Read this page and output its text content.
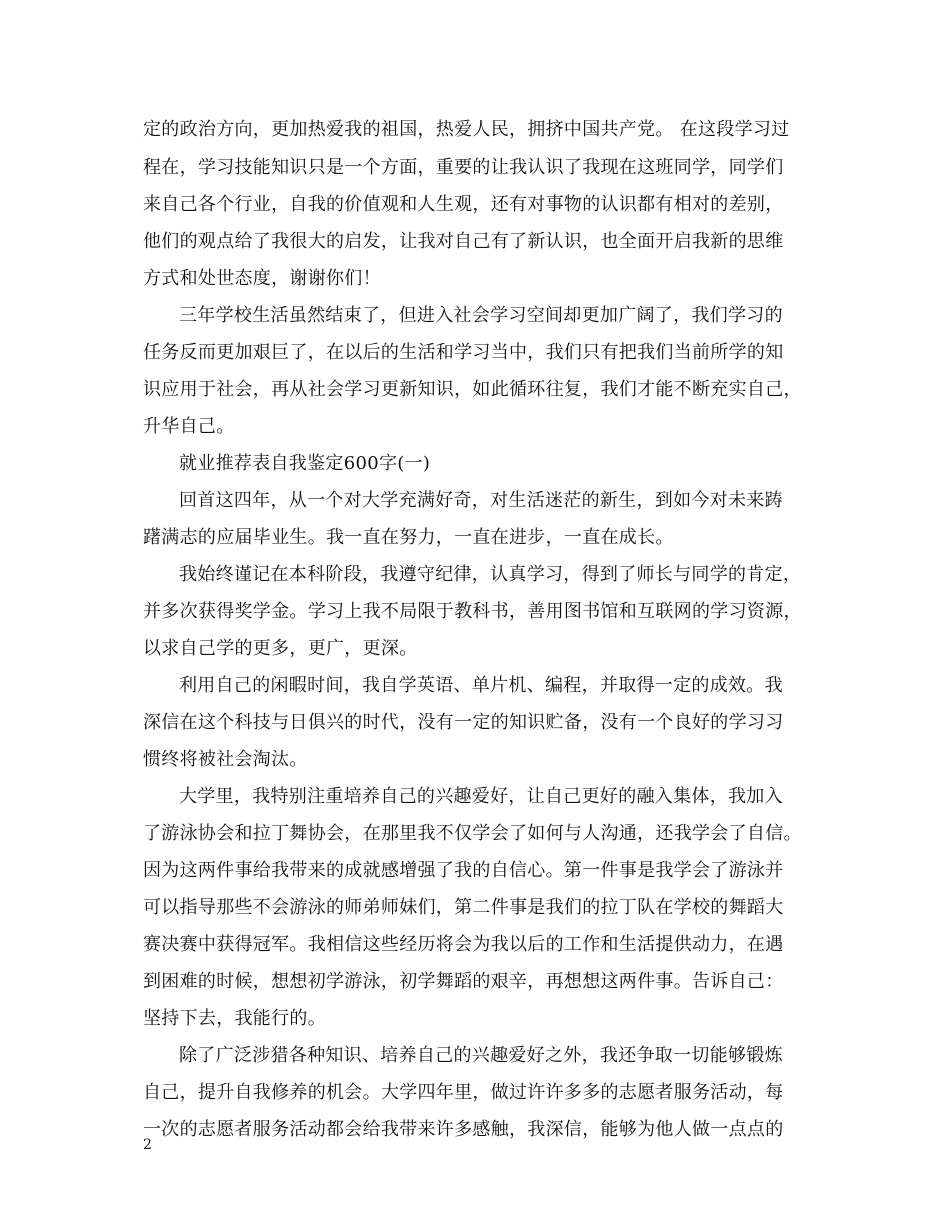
定的政治方向，更加热爱我的祖国，热爱人民，拥挤中国共产党。 在这段学习过
程在，学习技能知识只是一个方面，重要的让我认识了我现在这班同学，同学们
来自己各个行业，自我的价值观和人生观，还有对事物的认识都有相对的差别，
他们的观点给了我很大的启发，让我对自己有了新认识，也全面开启我新的思维
方式和处世态度，谢谢你们！
三年学校生活虽然结束了，但进入社会学习空间却更加广阔了，我们学习的
任务反而更加艰巨了，在以后的生活和学习当中，我们只有把我们当前所学的知
识应用于社会，再从社会学习更新知识，如此循环往复，我们才能不断充实自己，
升华自己。
就业推荐表自我鉴定600字(一)
回首这四年，从一个对大学充满好奇，对生活迷茫的新生，到如今对未来踌
躇满志的应届毕业生。我一直在努力，一直在进步，一直在成长。
我始终谨记在本科阶段，我遵守纪律，认真学习，得到了师长与同学的肯定，
并多次获得奖学金。学习上我不局限于教科书，善用图书馆和互联网的学习资源，
以求自己学的更多，更广，更深。
利用自己的闲暇时间，我自学英语、单片机、编程，并取得一定的成效。我
深信在这个科技与日俱兴的时代，没有一定的知识贮备，没有一个良好的学习习
惯终将被社会淘汰。
大学里，我特别注重培养自己的兴趣爱好，让自己更好的融入集体，我加入
了游泳协会和拉丁舞协会，在那里我不仅学会了如何与人沟通，还我学会了自信。
因为这两件事给我带来的成就感增强了我的自信心。第一件事是我学会了游泳并
可以指导那些不会游泳的师弟师妹们，第二件事是我们的拉丁队在学校的舞蹈大
赛决赛中获得冠军。我相信这些经历将会为我以后的工作和生活提供动力，在遇
到困难的时候，想想初学游泳，初学舞蹈的艰辛，再想想这两件事。告诉自己：
坚持下去，我能行的。
除了广泛涉猎各种知识、培养自己的兴趣爱好之外，我还争取一切能够锻炼
自己，提升自我修养的机会。大学四年里，做过许许多多的志愿者服务活动，每
一次的志愿者服务活动都会给我带来许多感触，我深信，能够为他人做一点点的
2
